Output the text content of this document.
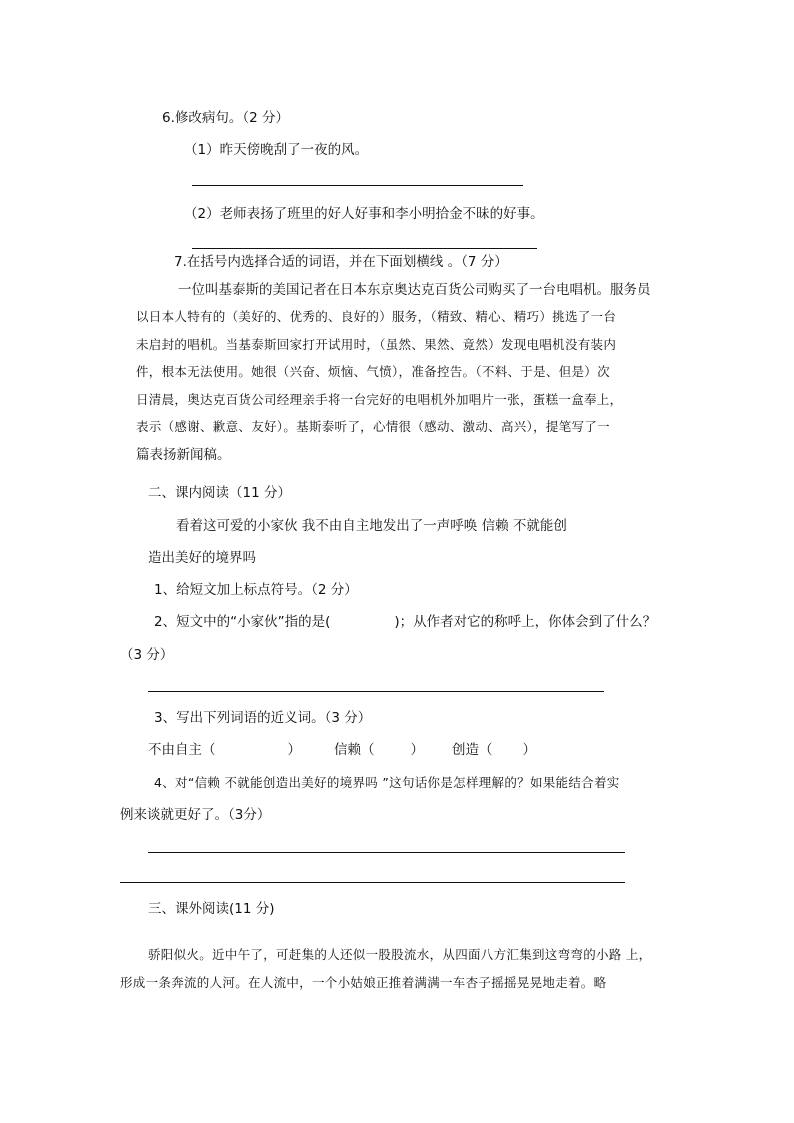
6.修改病句。（2 分）
（1）昨天傍晚刮了一夜的风。
（2）老师表扬了班里的好人好事和李小明拾金不昧的好事。
7.在括号内选择合适的词语，并在下面划横线 。（7 分）
一位叫基泰斯的美国记者在日本东京奥达克百货公司购买了一台电唱机。服务员
以日本人特有的（美好的、优秀的、良好的）服务，（精致、精心、精巧）挑选了一台
未启封的唱机。当基泰斯回家打开试用时，（虽然、果然、竟然）发现电唱机没有装内
件，根本无法使用。她很（兴奋、烦恼、气愤），准备控告。（不料、于是、但是）次
日清晨，奥达克百货公司经理亲手将一台完好的电唱机外加唱片一张，蛋糕一盒奉上，
表示（感谢、歉意、友好）。基斯泰听了，心情很（感动、激动、高兴），提笔写了一
篇表扬新闻稿。
二、课内阅读（11 分）
看着这可爱的小家伙 我不由自主地发出了一声呼唤 信赖 不就能创
造出美好的境界吗
1、给短文加上标点符号。（2 分）
2、短文中的“小家伙”指的是(	)；从作者对它的称呼上，你体会到了什么？
（3 分）
3、写出下列词语的近义词。（3 分）
不由自主（	） 信赖（	） 创造（ ）
4、对“信赖 不就能创造出美好的境界吗 ”这句话你是怎样理解的？如果能结合着实
例来谈就更好了。（3分）
三、课外阅读(11 分)
骄阳似火。近中午了，可赶集的人还似一股股流水，从四面八方汇集到这弯弯的小路 上，
形成一条奔流的人河。在人流中，一个小姑娘正推着满满一车杏子摇摇晃晃地走着。略
